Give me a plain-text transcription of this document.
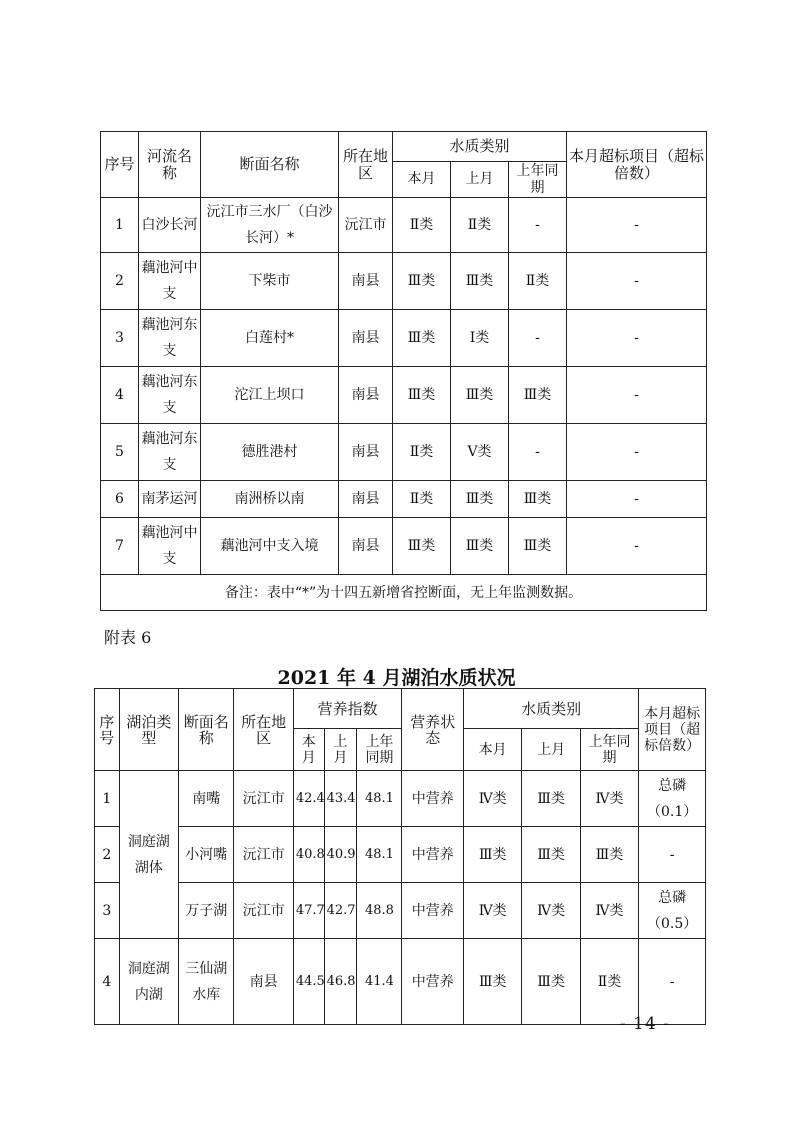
序号	河流名称	断面名称	所在地区	水质类别			本月超标项目（超标倍数）
				本月	上月	上年同期	
1	白沙长河	沅江市三水厂（白沙长河）*	沅江市	Ⅱ类	Ⅱ类	-	-
2	藕池河中支	下柴市	南县	Ⅲ类	Ⅲ类	Ⅱ类	-
3	藕池河东支	白莲村*	南县	Ⅲ类	Ⅰ类	-	-
4	藕池河东支	沱江上坝口	南县	Ⅲ类	Ⅲ类	Ⅲ类	-
5	藕池河东支	德胜港村	南县	Ⅱ类	Ⅴ类	-	-
6	南茅运河	南洲桥以南	南县	Ⅱ类	Ⅲ类	Ⅲ类	-
7	藕池河中支	藕池河中支入境	南县	Ⅲ类	Ⅲ类	Ⅲ类	-
备注：表中“*”为十四五新增省控断面，无上年监测数据。							
附表 6
2021 年 4 月湖泊水质状况
序号	湖泊类型	断面名称	所在地区	营养指数			营养状态	水质类别			本月超标项目（超标倍数）
				本月	上月	上年同期		本月	上月	上年同期	
1	洞庭湖湖体	南嘴	沅江市	42.4	43.4	48.1	中营养	Ⅳ类	Ⅲ类	Ⅳ类	总磷
（0.1）

2		小河嘴	沅江市	40.8	40.9	48.1	中营养	Ⅲ类	Ⅲ类	Ⅲ类	-
3		万子湖	沅江市	47.7	42.7	48.8	中营养	Ⅳ类	Ⅳ类	Ⅳ类	总磷
（0.5）

4	洞庭湖内湖	三仙湖水库	南县	44.5	46.8	41.4	中营养	Ⅲ类	Ⅲ类	Ⅱ类	-
- 14 -
